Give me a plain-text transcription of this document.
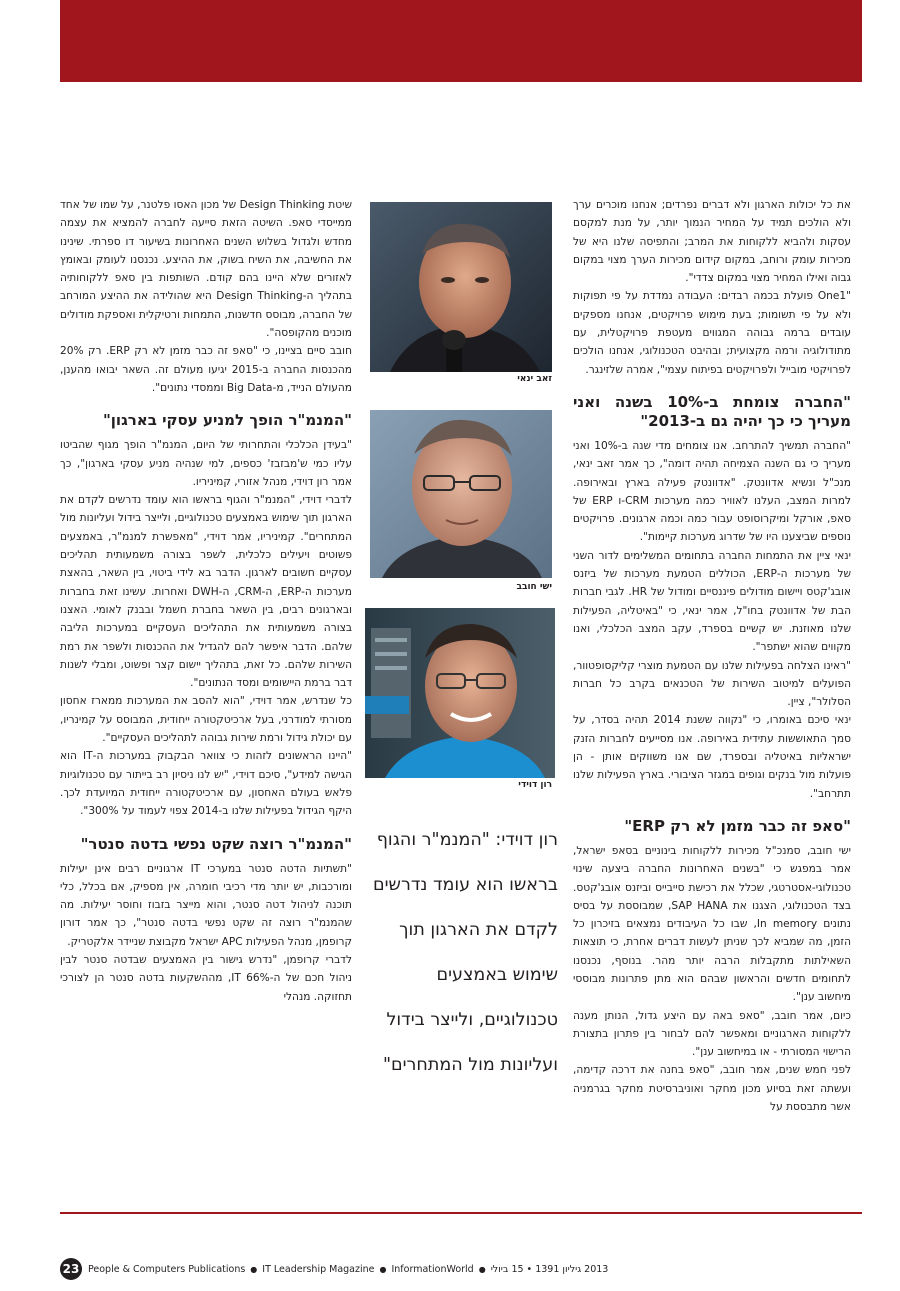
את כל יכולות הארגון ולא דברים נפרדים; אנחנו מוכרים ערך ולא הולכים תמיד על המחיר הנמוך יותר, על מנת למקסם עסקות ולהביא ללקוחות את המרב; והתפיסה שלנו היא של מכירות עומק ורוחב, במקום קידום מכירות הערך מצוי במקום גבוה ואילו המחיר מצוי במקום צדדי".

"One1 פועלת בכמה רבדים: העבודה נמדדת על פי תפוקות ולא על פי תשומות; בעת מימוש פרויקטים, אנחנו מספקים עובדים ברמה גבוהה המגווים מעטפת פרויקטלית, עם מתודולוגיה ורמה מקצועית; ובהיבט הטכנולוגי, אנחנו הולכים לפרויקטי מובייל ולפרויקטים בפיתוח עצמי", אמרה שלזינגר.

"החברה צומחת ב-10% בשנה ואני מעריך כי כך יהיה גם ב-2013"

"החברה תמשיך להתרחב. אנו צומחים מדי שנה ב-10% ואני מעריך כי גם השנה הצמיחה תהיה דומה", כך אמר זאב ינאי, מנכ"ל ונשיא אדוונטק. "אדוונטק פעילה בארץ ובאירופה. למרות המצב, העלנו לאוויר כמה מערכות CRM-ו ERP של סאפ, אורקל ומיקרוסופט עבור כמה וכמה ארגונים. פרויקטים נוספים שביצענו היו של שדרוג מערכות קיימות".

ינאי ציין את התמחות החברה בתחומים המשלימים לדור השני של מערכות ה-ERP, הכוללים הטמעת מערכות של ביזנס אובג'קטס ויישום מודולים פיננסיים ומודול של HR. לגבי חברות הבת של אדוונטק בחו"ל, אמר ינאי, כי "באיטליה, הפעילות שלנו מאוזנת. יש קשיים בספרד, עקב המצב הכלכלי, ואנו מקווים שהוא ישתפר".

"ראינו הצלחה בפעילות שלנו עם הטמעת מוצרי קליקסופטוור, הפועלים למיטוב השירות של הטכנאים בקרב כל חברות הסלולר", ציין.

ינאי סיכם באומרו, כי "נקווה ששנת 2014 תהיה בסדר, על סמך התאוששות עתידית באירופה. אנו מסייעים לחברות הזנק ישראליות באיטליה ובספרד, שם אנו משווקים אותן - הן פועלות מול בנקים וגופים במגזר הציבורי. בארץ הפעילות שלנו תתרחב".

"סאפ זה כבר מזמן לא רק ERP"

ישי חובב, סמנכ"ל מכירות ללקוחות בינוניים בסאפ ישראל, אמר במפגש כי "בשנים האחרונות החברה ביצעה שינוי טכנולוגי-אסטרטגי, שכלל את רכישת סייבייס וביזנס אובג'קטס. בצד הטכנולוגי, הצגנו את SAP HANA, שמבוססת על בסיס נתונים In memory, שבו כל העיבודים נמצאים בזיכרון כל הזמן, מה שמביא לכך שניתן לעשות דברים אחרת, כי תוצאות השאילתות מתקבלות הרבה יותר מהר. בנוסף, נכנסנו לתחומים חדשים והראשון שבהם הוא מתן פתרונות מבוססי מיחשוב ענן".

כיום, אמר חובב, "סאפ באה עם היצע גדול, הנותן מענה ללקוחות הארגוניים ומאפשר להם לבחור בין פתרון בתצורת הרישוי המסורתי - או במיחשוב ענן".

לפני חמש שנים, אמר חובב, "סאפ בחנה את דרכה קדימה, ועשתה זאת בסיוע מכון מחקר ואוניברסיטת מחקר בגרמניה אשר מתבססת על

זאב ינאי
ישי חובב
רון דוידי
רון דוידי: "המנמ"ר והגוף בראשו הוא עומד נדרשים לקדם את הארגון תוך שימוש באמצעים טכנולוגיים, ולייצר בידול ועליונות מול המתחרים"

שיטת Design Thinking של מכון האסו פלטנר, על שמו של אחד ממייסדי סאפ. השיטה הזאת סייעה לחברה להמציא את עצמה מחדש ולגדול בשלוש השנים האחרונות בשיעור דו ספרתי. שינינו את החשיבה, את השיח בשוק, את ההיצע. נכנסנו לעומק ובאומץ לאזורים שלא היינו בהם קודם. השותפות בין סאפ ללקוחותיה בתהליך ה-Design Thinking היא שהולידה את ההיצע המורחב של החברה, מבוסס חדשנות, התמחות ורטיקלית ואספקת מודולים מוכנים מהקופסה".

חובב סיים בציינו, כי "סאפ זה כבר מזמן לא רק ERP. רק 20% מהכנסות החברה ב-2015 יגיעו מעולם זה. השאר יבואו מהענן, מהעולם הנייד, מ-Big Data וממסדי נתונים".

"המנמ"ר הופך למניע עסקי בארגון"

"בעידן הכלכלי והתחרותי של היום, המנמ"ר הופך מגוף שהביטו עליו כמי ש'מבזבז' כספים, למי שנהיה מניע עסקי בארגון", כך אמר רון דוידי, מנהל אזורי, קמיניריו.

לדברי דוידי, "המנמ"ר והגוף בראשו הוא עומד נדרשים לקדם את הארגון תוך שימוש באמצעים טכנולוגיים, ולייצר בידול ועליונות מול המתחרים". קמיניריו, אמר דוידי, "מאפשרת למנמ"ר, באמצעים פשוטים ויעילים כלכלית, לשפר בצורה משמעותית תהליכים עסקיים חשובים לארגון. הדבר בא לידי ביטוי, בין השאר, בהאצת מערכות ה-ERP, ה-CRM, ה-DWH ואחרות. עשינו זאת בחברות ובארגונים רבים, בין השאר בחברת חשמל ובבנק לאומי. האצנו בצורה משמעותית את התהליכים העסקיים במערכות הליבה שלהם. הדבר איפשר להם להגדיל את ההכנסות ולשפר את רמת השירות שלהם. כל זאת, בתהליך יישום קצר ופשוט, ומבלי לשנות דבר ברמת היישומים ומסד הנתונים".

כל שנדרש, אמר דוידי, "הוא להסב את המערכות ממארז אחסון מסורתי למודרני, בעל ארכיטקטורה ייחודית, המבוסס על קמינריו, עם יכולת גידול ורמת שירות גבוהה לתהליכים העסקיים".

"היינו הראשונים לזהות כי צוואר הבקבוק במערכות ה-IT הוא הגישה למידע", סיכם דוידי, "יש לנו ניסיון רב בייתור עם טכנולוגיות פלאש בעולם האחסון, עם ארכיטקטורה ייחודית המיועדת לכך. היקף הגידול בפעילות שלנו ב-2014 צפוי לעמוד על 300%".

"המנמ"ר רוצה שקט נפשי בדטה סנטר"

"תשתיות הדטה סנטר במערכי IT ארגוניים רבים אינן יעילות ומורכבות, יש יותר מדי רכיבי חומרה, אין מספיק, אם בכלל, כלי תוכנה לניהול דטה סנטר, והוא מייצר בזבוז וחוסר יעילות. מה שהמנמ"ר רוצה זה שקט נפשי בדטה סנטר", כך אמר דורון קרופמן, מנהל הפעילות APC ישראל מקבוצת שניידר אלקטריק.

לדברי קרופמן, "נדרש גישור בין האמצעים שבדטה סנטר לבין ניהול חכם של ה-66% IT, מההשקעות בדטה סנטר הן לצורכי תחזוקה. מנהלי

23 People & Computers Publications ● IT Leadership Magazine ● InformationWorld ● 2013 גיליון 1391 • 15 ביולי
